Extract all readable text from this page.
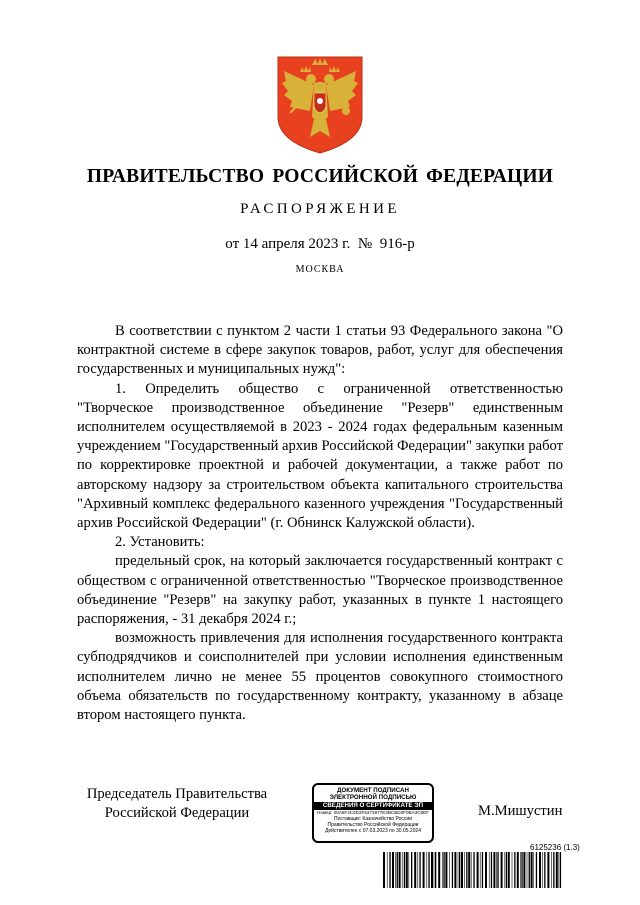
ПРАВИТЕЛЬСТВО РОССИЙСКОЙ ФЕДЕРАЦИИ
РАСПОРЯЖЕНИЕ
от 14 апреля 2023 г.  №  916-р
МОСКВА

В соответствии с пунктом 2 части 1 статьи 93 Федерального закона "О контрактной системе в сфере закупок товаров, работ, услуг для обеспечения государственных и муниципальных нужд":

1. Определить общество с ограниченной ответственностью "Творческое производственное объединение "Резерв" единственным исполнителем осуществляемой в 2023 - 2024 годах федеральным казенным учреждением "Государственный архив Российской Федерации" закупки работ по корректировке проектной и рабочей документации, а также работ по авторскому надзору за строительством объекта капитального строительства "Архивный комплекс федерального казенного учреждения "Государственный архив Российской Федерации" (г. Обнинск Калужской области).

2. Установить:

предельный срок, на который заключается государственный контракт с обществом с ограниченной ответственностью "Творческое производственное объединение "Резерв" на закупку работ, указанных в пункте 1 настоящего распоряжения, - 31 декабря 2024 г.;

возможность привлечения для исполнения государственного контракта субподрядчиков и соисполнителей при условии исполнения единственным исполнителем лично не менее 55 процентов совокупного стоимостного объема обязательств по государственному контракту, указанному в абзаце втором настоящего пункта.

Председатель Правительства
Российской Федерации
ДОКУМЕНТ ПОДПИСАН
ЭЛЕКТРОННОЙ ПОДПИСЬЮ
СВЕДЕНИЯ О СЕРТИФИКАТЕ ЭП
Номер: 00A5F4C6D2F6373977E3BCBD0F0BA3C8EF
Поставщик: Казначейство России
Правительство Российской Федерации
Действителен с 07.03.2023 по 30.05.2024
М.Мишустин
6125236 (1.3)
